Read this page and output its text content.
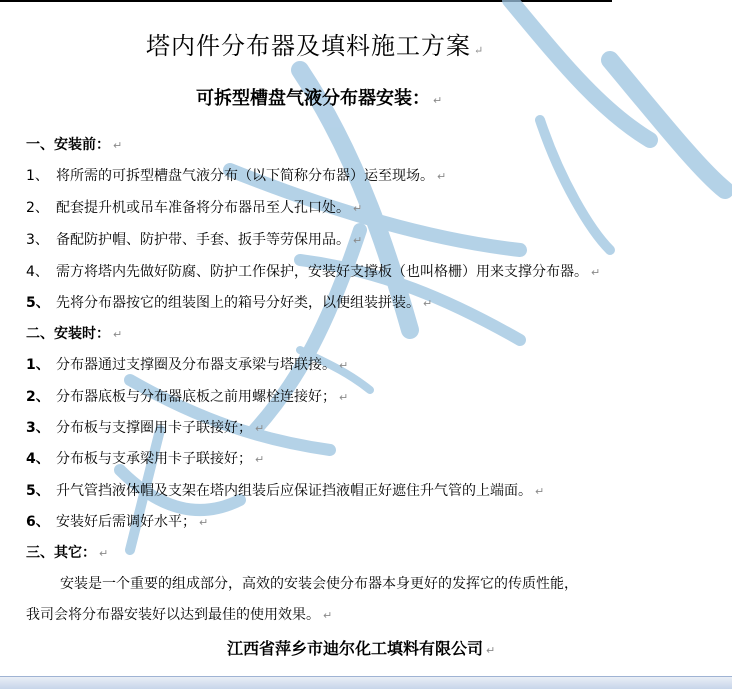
塔内件分布器及填料施工方案 ↵
可拆型槽盘气液分布器安装： ↵
一、安装前： ↵
1、 将所需的可拆型槽盘气液分布（以下简称分布器）运至现场。 ↵
2、 配套提升机或吊车准备将分布器吊至人孔口处。 ↵
3、 备配防护帽、防护带、手套、扳手等劳保用品。 ↵
4、 需方将塔内先做好防腐、防护工作保护，安装好支撑板（也叫格栅）用来支撑分布器。 ↵
5、 先将分布器按它的组装图上的箱号分好类，以便组装拼装。 ↵
二、安装时： ↵
1、 分布器通过支撑圈及分布器支承梁与塔联接。 ↵
2、 分布器底板与分布器底板之前用螺栓连接好； ↵
3、 分布板与支撑圈用卡子联接好； ↵
4、 分布板与支承梁用卡子联接好； ↵
5、 升气管挡液体帽及支架在塔内组装后应保证挡液帽正好遮住升气管的上端面。 ↵
6、 安装好后需调好水平； ↵
三、其它： ↵
安装是一个重要的组成部分，高效的安装会使分布器本身更好的发挥它的传质性能，
我司会将分布器安装好以达到最佳的使用效果。 ↵
江西省萍乡市迪尔化工填料有限公司 ↵
